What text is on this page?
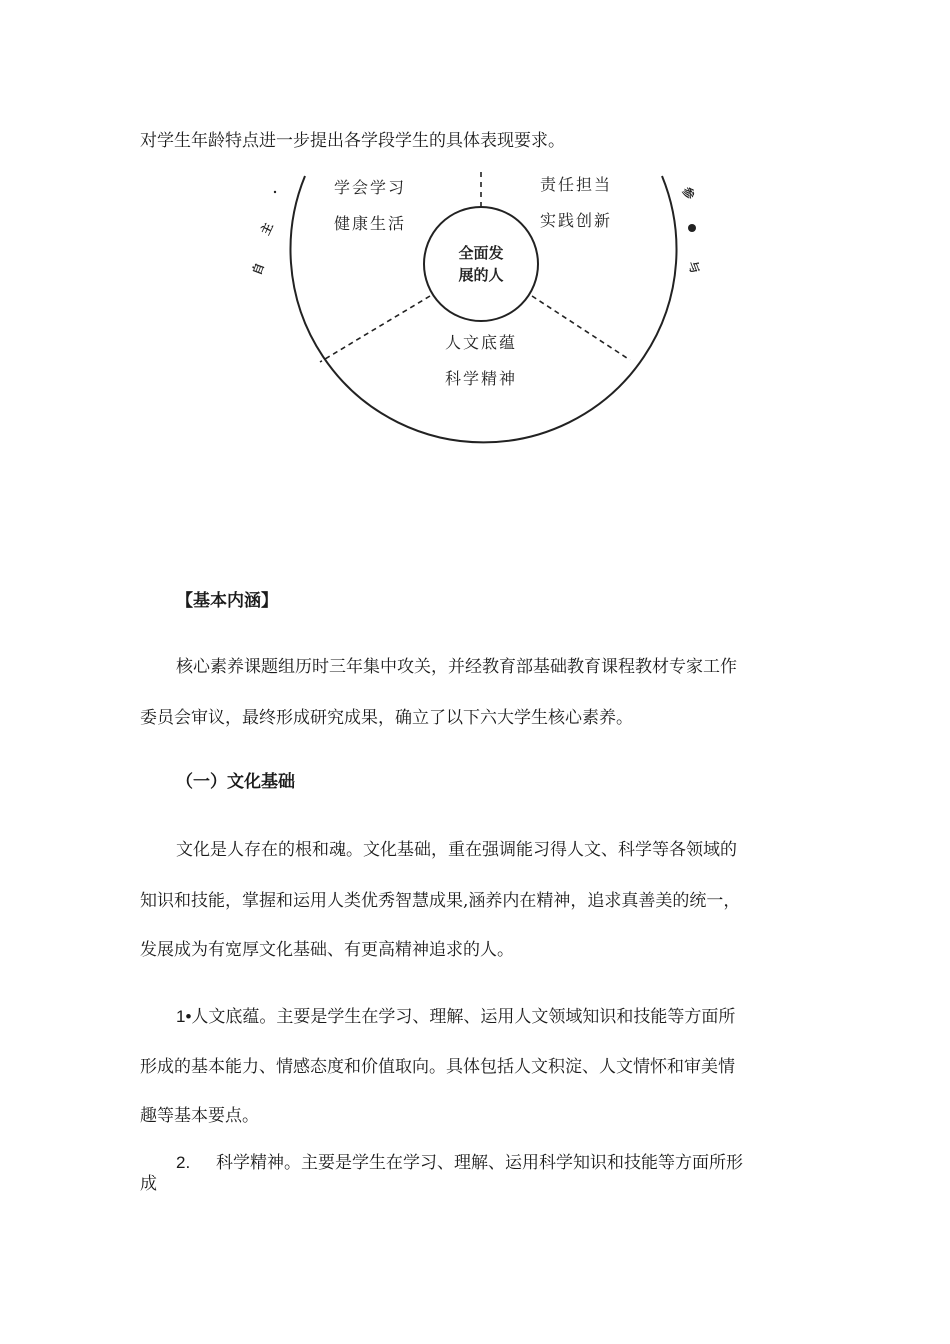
对学生年龄特点进一步提出各学段学生的具体表现要求。
全面发
展的人
学会学习
健康生活
责任担当
实践创新
人文底蕴
科学精神
自
主
参
与
【基本内涵】
核心素养课题组历时三年集中攻关，并经教育部基础教育课程教材专家工作
委员会审议，最终形成研究成果，确立了以下六大学生核心素养。
（一）文化基础
文化是人存在的根和魂。文化基础，重在强调能习得人文、科学等各领域的
知识和技能，掌握和运用人类优秀智慧成果,涵养内在精神，追求真善美的统一，
发展成为有宽厚文化基础、有更高精神追求的人。
1•人文底蕴。主要是学生在学习、理解、运用人文领域知识和技能等方面所
形成的基本能力、情感态度和价值取向。具体包括人文积淀、人文情怀和审美情
趣等基本要点。
2. 科学精神。主要是学生在学习、理解、运用科学知识和技能等方面所形
成
